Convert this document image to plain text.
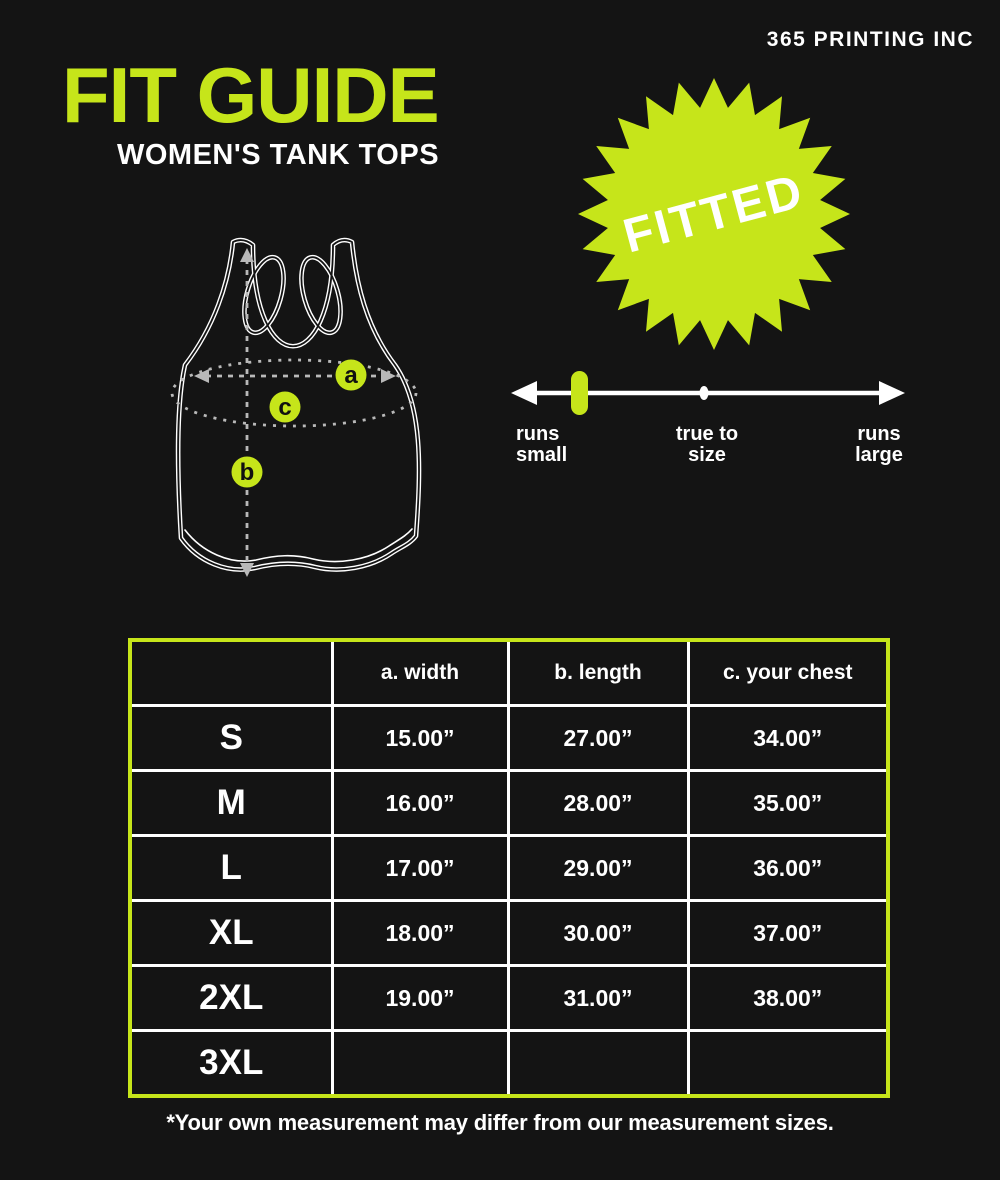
365 PRINTING INC
FIT GUIDE
WOMEN'S TANK TOPS
FITTED
runs
small
true to
size
runs
large
a
c
b
	a. width	b. length	c. your chest
S	15.00”	27.00”	34.00”
M	16.00”	28.00”	35.00”
L	17.00”	29.00”	36.00”
XL	18.00”	30.00”	37.00”
2XL	19.00”	31.00”	38.00”
3XL			
*Your own measurement may differ from our measurement sizes.
